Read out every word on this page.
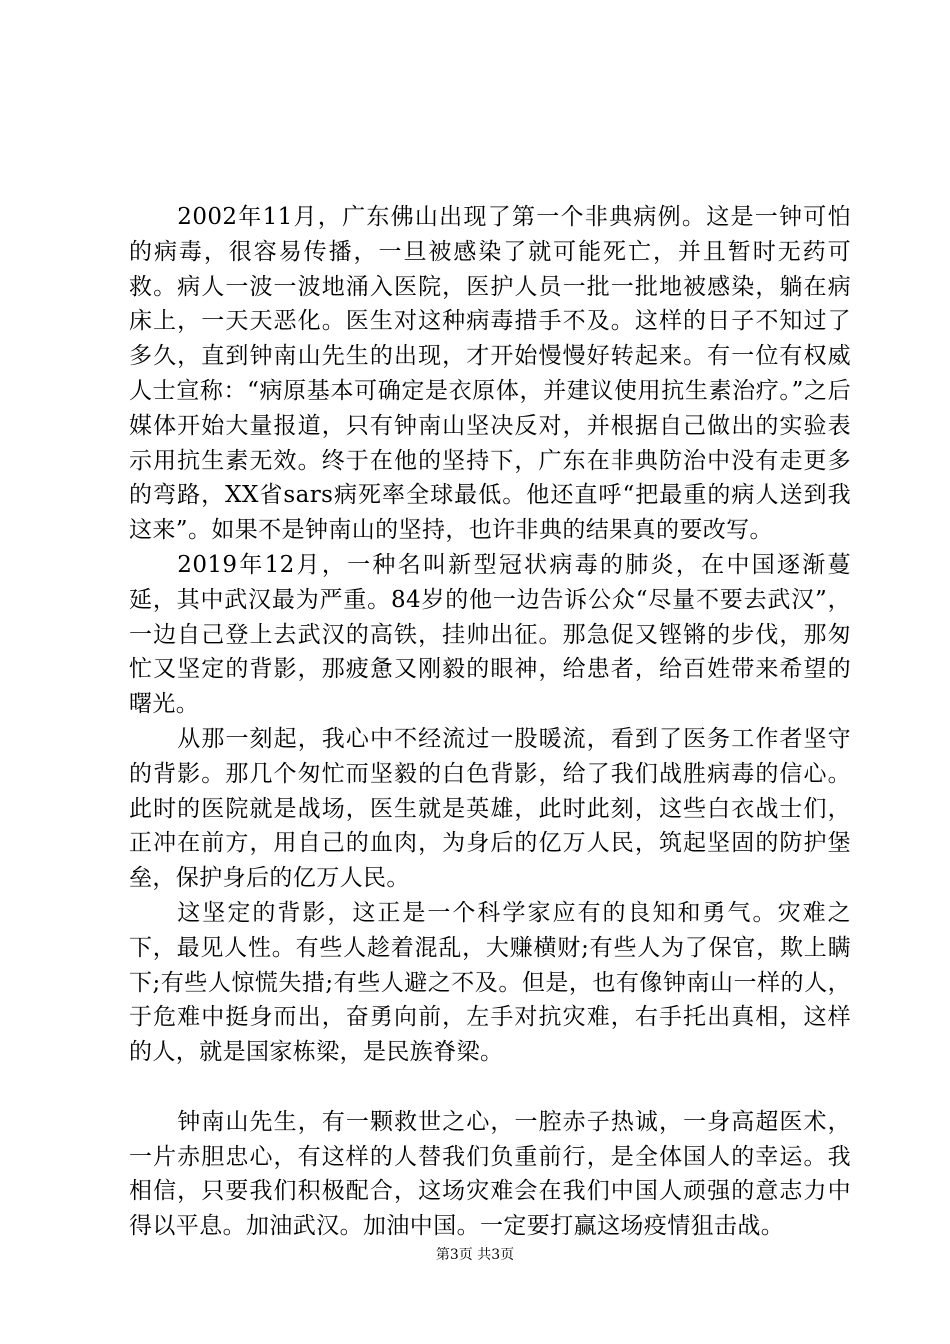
2002年11月，广东佛山出现了第一个非典病例。这是一钟可怕的病毒，很容易传播，一旦被感染了就可能死亡，并且暂时无药可救。病人一波一波地涌入医院，医护人员一批一批地被感染，躺在病床上，一天天恶化。医生对这种病毒措手不及。这样的日子不知过了多久，直到钟南山先生的出现，才开始慢慢好转起来。有一位有权威人士宣称：“病原基本可确定是衣原体，并建议使用抗生素治疗。”之后媒体开始大量报道，只有钟南山坚决反对，并根据自己做出的实验表示用抗生素无效。终于在他的坚持下，广东在非典防治中没有走更多的弯路，XX省sars病死率全球最低。他还直呼“把最重的病人送到我这来”。如果不是钟南山的坚持，也许非典的结果真的要改写。

2019年12月，一种名叫新型冠状病毒的肺炎，在中国逐渐蔓延，其中武汉最为严重。84岁的他一边告诉公众“尽量不要去武汉”，一边自己登上去武汉的高铁，挂帅出征。那急促又铿锵的步伐，那匆忙又坚定的背影，那疲惫又刚毅的眼神，给患者，给百姓带来希望的曙光。

从那一刻起，我心中不经流过一股暖流，看到了医务工作者坚守的背影。那几个匆忙而坚毅的白色背影，给了我们战胜病毒的信心。此时的医院就是战场，医生就是英雄，此时此刻，这些白衣战士们，正冲在前方，用自己的血肉，为身后的亿万人民，筑起坚固的防护堡垒，保护身后的亿万人民。

这坚定的背影，这正是一个科学家应有的良知和勇气。灾难之下，最见人性。有些人趁着混乱，大赚横财;有些人为了保官，欺上瞒下;有些人惊慌失措;有些人避之不及。但是，也有像钟南山一样的人，于危难中挺身而出，奋勇向前，左手对抗灾难，右手托出真相，这样的人，就是国家栋梁，是民族脊梁。

钟南山先生，有一颗救世之心，一腔赤子热诚，一身高超医术，一片赤胆忠心，有这样的人替我们负重前行，是全体国人的幸运。我相信，只要我们积极配合，这场灾难会在我们中国人顽强的意志力中得以平息。加油武汉。加油中国。一定要打赢这场疫情狙击战。

第3页 共3页
